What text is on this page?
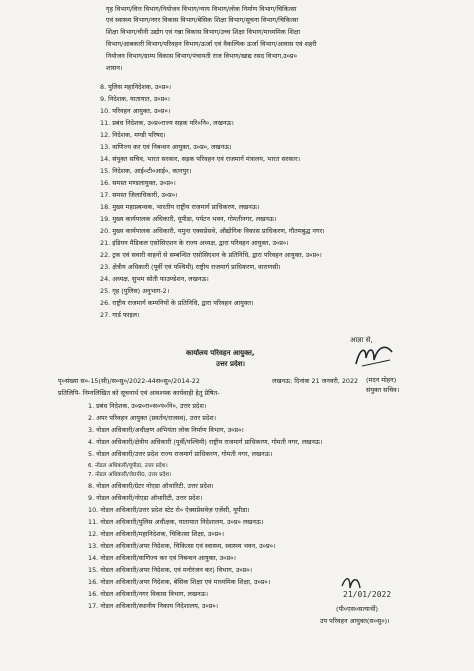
गृह विभाग/वित्त विभाग/नियोजन विभाग/न्याय विभाग/लोक निर्माण विभाग/चिकित्सा
एवं स्वास्थ्य विभाग/नगर विकास विभाग/बेसिक शिक्षा विभाग/सूचना विभाग/चिकित्सा
शिक्षा विभाग/चीनी उद्योग एवं गन्ना विकास विभाग/उच्च शिक्षा विभाग/माध्यमिक शिक्षा
विभाग/आबकारी विभाग/परिवहन विभाग/ऊर्जा एवं वैकल्पिक ऊर्जा विभाग/आवास एवं शहरी
नियोजन विभाग/ग्राम्य विकास विभाग/पंचायती राज विभाग/खाद्य रसद विभाग,उ०प्र०
शासन।
8. पुलिस महानिदेशक, उ०प्र०।
9. निदेशक, यातायात, उ०प्र०।
10. परिवहन आयुक्त, उ०प्र०।
11. प्रबंध निदेशक, उ०प्र०राज्य सड़क परि०नि०, लखनऊ।
12. निदेशक, मण्डी परिषद।
13. वाणिज्य कर एवं निबन्धन आयुक्त, उ०प्र०, लखनऊ।
14. संयुक्त सचिव, भारत सरकार, सड़क परिवहन एवं राजमार्ग मंत्रालय, भारत सरकार।
15. निदेशक, आई०टी०आई०, कानपुर।
16. समस्त मण्डलायुक्त, उ०प्र०।
17. समस्त जिलाधिकारी, उ०प्र०।
18. मुख्य महाप्रबन्धक, भारतीय राष्ट्रीय राजमार्ग प्राधिकरण, लखनऊ।
19. मुख्य कार्यपालक अधिकारी, यूपीडा, पर्यटन भवन, गोमतीनगर, लखनऊ।
20. मुख्य कार्यपालक अधिकारी, यमुना एक्सप्रेसवे, औद्योगिक विकास प्राधिकरण, गौतमबुद्ध नगर।
21. इंडियन मैडिकल एसोसिएशन के राज्य अध्यक्ष, द्वारा परिवहन आयुक्त, उ०प्र०।
22. ट्रक एवं सवारी वाहनों से सम्बन्धित एसोसिएशन के प्रतिनिधि, द्वारा परिवहन आयुक्त, उ०प्र०।
23. क्षेत्रीय अधिकारी (पूर्वी एवं पश्चिमी) राष्ट्रीय राजमार्ग प्राधिकरण, वाराणसी।
24. अध्यक्ष, सुभम सोती फाउण्डेशन, लखनऊ।
25. गृह (पुलिस) अनुभाग-2।
26. राष्ट्रीय राजमार्ग कम्पनियों के प्रतिनिधि, द्वारा परिवहन आयुक्त।
27. गार्ड फाइल।
आज्ञा से,
(मदन मोहन)
संयुक्त सचिव।
कार्यालय परिवहन आयुक्त,
उत्तर प्रदेश।
पृ०संख्या स०-15(सी)/स०सु०/2022-44स०सु०/2014-22	लखनऊ: दिनांक 21 जनवरी, 2022
प्रतिलिपि- निम्नलिखित को सूचनार्थ एवं आवश्यक कार्यवाही हेतु प्रेषित-
1. प्रबंध निदेशक, उ०प्र०रा०स०प०नि०, उत्तर प्रदेश।
2. अपर परिवहन आयुक्त (प्रवर्तन/राजस्व), उत्तर प्रदेश।
3. नोडल अधिकारी/अधीक्षण अभियंता लोक निर्माण विभाग, उ०प्र०।
4. नोडल अधिकारी/क्षेत्रीय अधिकारी (पूर्वी/पश्चिमी) राष्ट्रीय राजमार्ग प्राधिकरण, गोमती नगर, लखनऊ।
5. नोडल अधिकारी/उत्तर प्रदेश राज्य राजमार्ग प्राधिकरण, गोमती नगर, लखनऊ।
6. नोडल अधिकारी/यूपीडा, उत्तर प्रदेश।
7. नोडल अधिकारी/जे0पी0, उत्तर प्रदेश।
8. नोडल अधिकारी/ग्रेटर नोएडा ऑथारिटी, उत्तर प्रदेश।
9. नोडल अधिकारी/नोएडा ऑथारिटी, उत्तर प्रदेश।
10. नोडल अधिकारी/उत्तर प्रदेश स्टेट रो० ऐक्सप्रेसवेज़ एजेंसी, यूपीडा।
11. नोडल अधिकारी/पुलिस अधीक्षक, यातायात निदेशालय, उ०प्र० लखनऊ।
12. नोडल अधिकारी/महानिदेशक, चिकित्सा शिक्षा, उ०प्र०।
13. नोडल अधिकारी/अपर निदेशक, चिकित्सा एवं स्वास्थ्य, स्वास्थ्य भवन, उ०प्र०।
14. नोडल अधिकारी/वाणिज्य कर एवं निबन्धन आयुक्त, उ०प्र०।
15. नोडल अधिकारी/अपर निदेशक, एवं मनोरंजन कर) विभाग, उ०प्र०।
16. नोडल अधिकारी/अपर निदेशक, बेसिक शिक्षा एवं माध्यमिक शिक्षा, उ०प्र०।
16. नोडल अधिकारी/नगर विकास विभाग, लखनऊ।
17. नोडल अधिकारी/स्थानीय निकाय निदेशालय, उ०प्र०।
21/01/2022
(पी०एस०सत्यार्थी)
उप परिवहन आयुक्त(स०सु०)।
